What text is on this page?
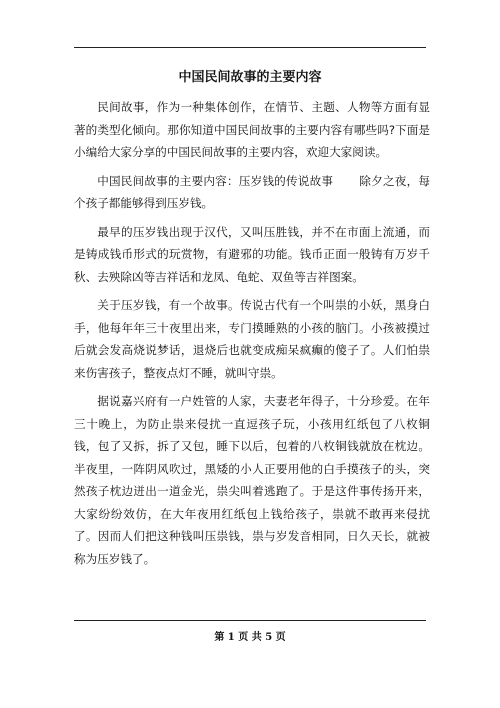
中国民间故事的主要内容

民间故事，作为一种集体创作，在情节、主题、人物等方面有显著的类型化倾向。那你知道中国民间故事的主要内容有哪些吗?下面是小编给大家分享的中国民间故事的主要内容，欢迎大家阅读。

中国民间故事的主要内容：压岁钱的传说故事 除夕之夜，每个孩子都能够得到压岁钱。

最早的压岁钱出现于汉代，又叫压胜钱，并不在市面上流通，而是铸成钱币形式的玩赏物，有避邪的功能。钱币正面一般铸有万岁千秋、去殃除凶等吉祥话和龙凤、龟蛇、双鱼等吉祥图案。

关于压岁钱，有一个故事。传说古代有一个叫祟的小妖，黑身白手，他每年年三十夜里出来，专门摸睡熟的小孩的脑门。小孩被摸过后就会发高烧说梦话，退烧后也就变成痴呆疯癫的傻子了。人们怕祟来伤害孩子，整夜点灯不睡，就叫守祟。

据说嘉兴府有一户姓管的人家，夫妻老年得子，十分珍爱。在年三十晚上，为防止祟来侵扰一直逗孩子玩，小孩用红纸包了八枚铜钱，包了又拆，拆了又包，睡下以后，包着的八枚铜钱就放在枕边。半夜里，一阵阴风吹过，黑矮的小人正要用他的白手摸孩子的头，突然孩子枕边迸出一道金光，祟尖叫着逃跑了。于是这件事传扬开来，大家纷纷效仿，在大年夜用红纸包上钱给孩子，祟就不敢再来侵扰了。因而人们把这种钱叫压祟钱，祟与岁发音相同，日久天长，就被称为压岁钱了。

第 1 页 共 5 页
